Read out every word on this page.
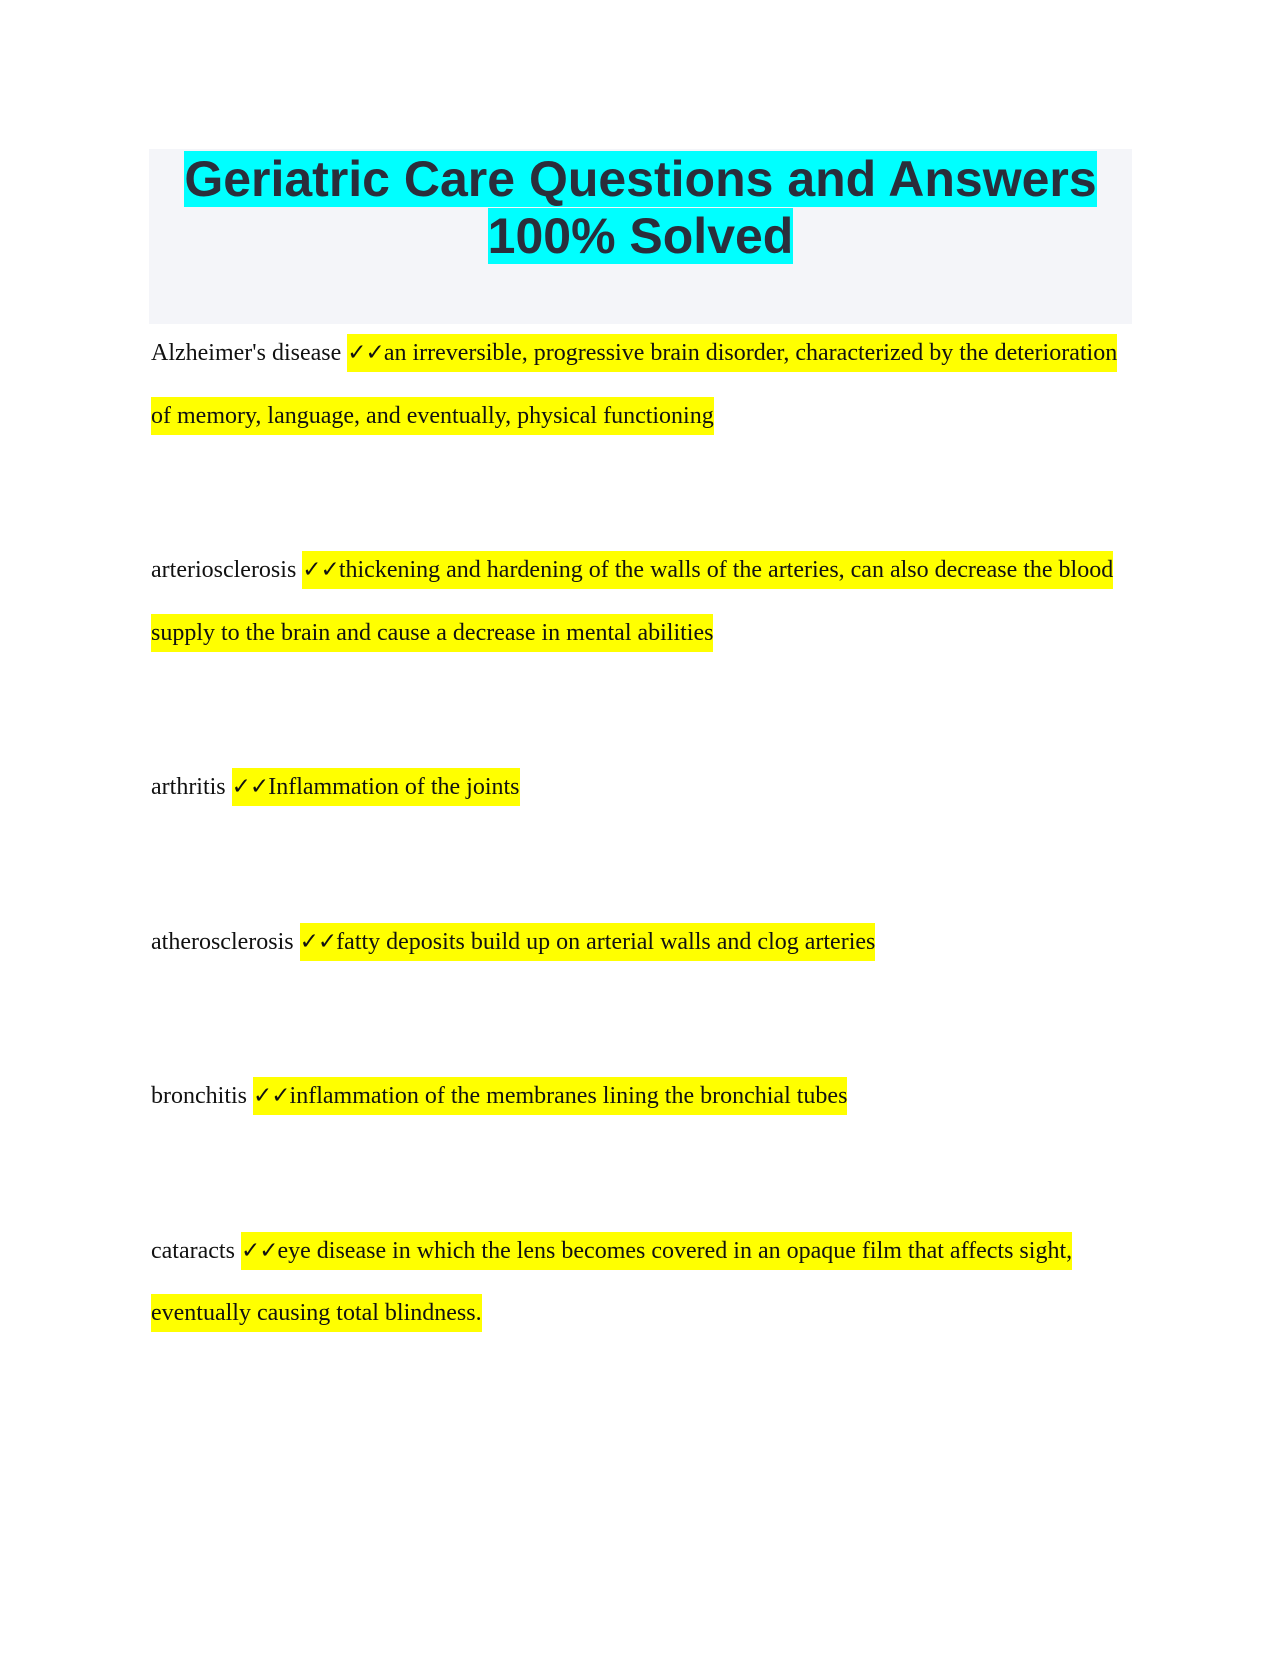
Geriatric Care Questions and Answers 100% Solved

Alzheimer's disease ✓✓an irreversible, progressive brain disorder, characterized by the deterioration of memory, language, and eventually, physical functioning

arteriosclerosis ✓✓thickening and hardening of the walls of the arteries, can also decrease the blood supply to the brain and cause a decrease in mental abilities

arthritis ✓✓Inflammation of the joints

atherosclerosis ✓✓fatty deposits build up on arterial walls and clog arteries

bronchitis ✓✓inflammation of the membranes lining the bronchial tubes

cataracts ✓✓eye disease in which the lens becomes covered in an opaque film that affects sight, eventually causing total blindness.
